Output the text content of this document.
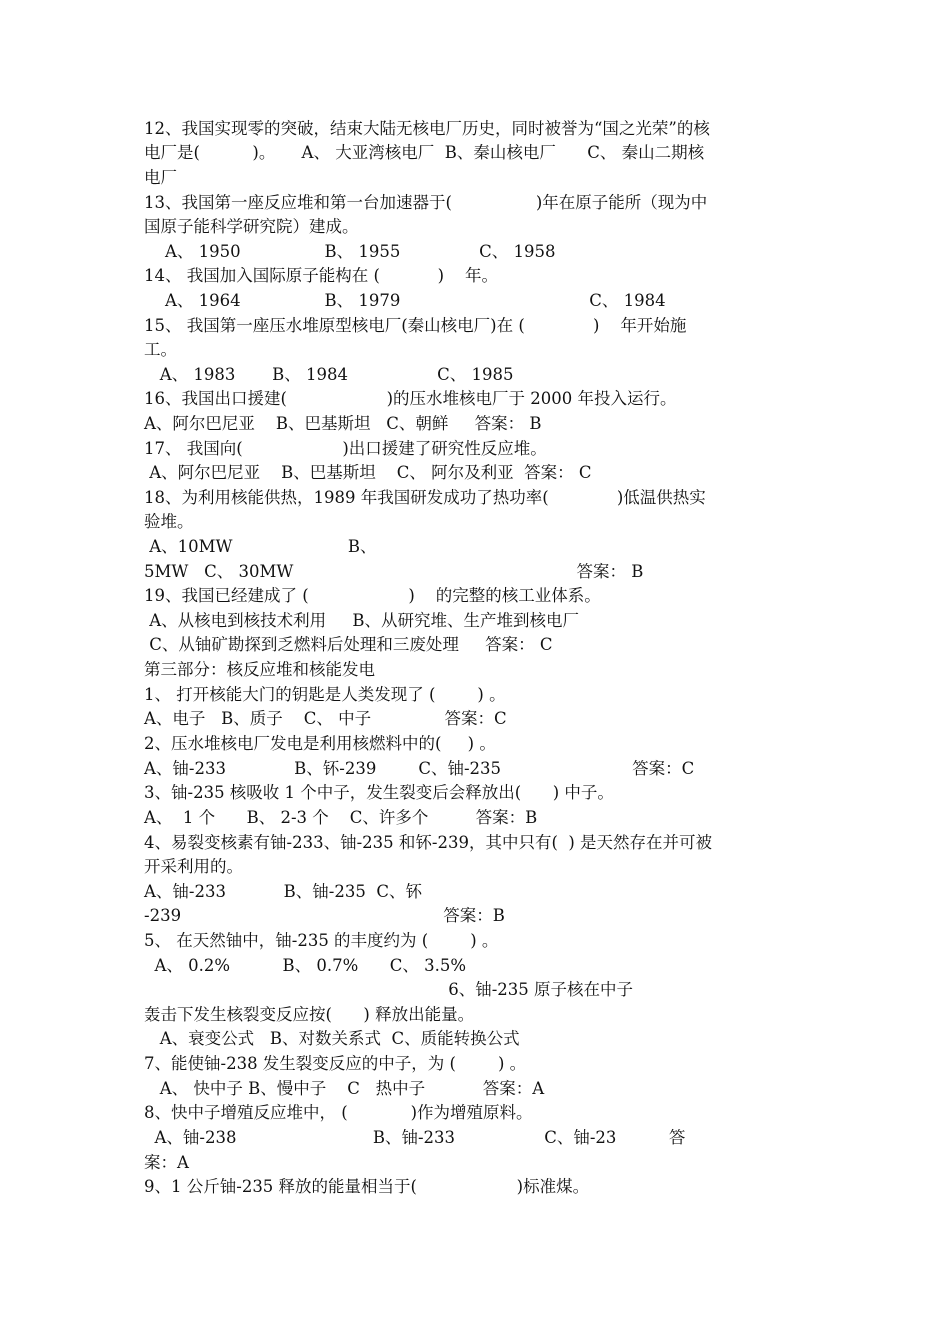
12、我国实现零的突破，结束大陆无核电厂历史，同时被誉为“国之光荣”的核
电厂是(          )。     A、 大亚湾核电厂  B、秦山核电厂      C、 秦山二期核
电厂
13、我国第一座反应堆和第一台加速器于(                )年在原子能所（现为中
国原子能科学研究院）建成。
A、 1950                B、 1955               C、 1958
14、 我国加入国际原子能构在 (           )    年。
A、 1964                B、 1979                                    C、 1984
15、 我国第一座压水堆原型核电厂(秦山核电厂)在 (             )    年开始施
工。
A、 1983       B、 1984                 C、 1985
16、我国出口援建(                   )的压水堆核电厂于 2000 年投入运行。
A、阿尔巴尼亚    B、巴基斯坦   C、朝鲜     答案： B
17、 我国向(                   )出口援建了研究性反应堆。
A、阿尔巴尼亚    B、巴基斯坦    C、 阿尔及利亚  答案： C
18、为利用核能供热，1989 年我国研发成功了热功率(             )低温供热实
验堆。
A、10MW                      B、
5MW   C、 30MW                                                      答案： B
19、我国已经建成了 (                   )    的完整的核工业体系。
A、从核电到核技术利用     B、从研究堆、生产堆到核电厂
C、从铀矿勘探到乏燃料后处理和三废处理     答案： C
第三部分：核反应堆和核能发电
1、 打开核能大门的钥匙是人类发现了 (        ) 。
A、电子   B、质子    C、 中子              答案：C
2、压水堆核电厂发电是利用核燃料中的(     ) 。
A、铀-233             B、钚-239        C、铀-235                         答案：C
3、铀-235 核吸收 1 个中子，发生裂变后会释放出(      ) 中子。
A、  1 个      B、 2-3 个    C、许多个         答案：B
4、易裂变核素有铀-233、铀-235 和钚-239，其中只有(  ) 是天然存在并可被
开采利用的。
A、铀-233           B、铀-235  C、钚
-239                                                  答案：B
5、 在天然铀中，铀-235 的丰度约为 (        ) 。
A、 0.2%          B、 0.7%      C、 3.5%
6、铀-235 原子核在中子
轰击下发生核裂变反应按(      ) 释放出能量。
A、衰变公式   B、对数关系式  C、质能转换公式
7、能使铀-238 发生裂变反应的中子，为 (        ) 。
A、 快中子 B、慢中子    C   热中子           答案：A
8、快中子增殖反应堆中， (            )作为增殖原料。
A、铀-238                          B、铀-233                 C、铀-23          答
案：A
9、1 公斤铀-235 释放的能量相当于(                   )标准煤。
